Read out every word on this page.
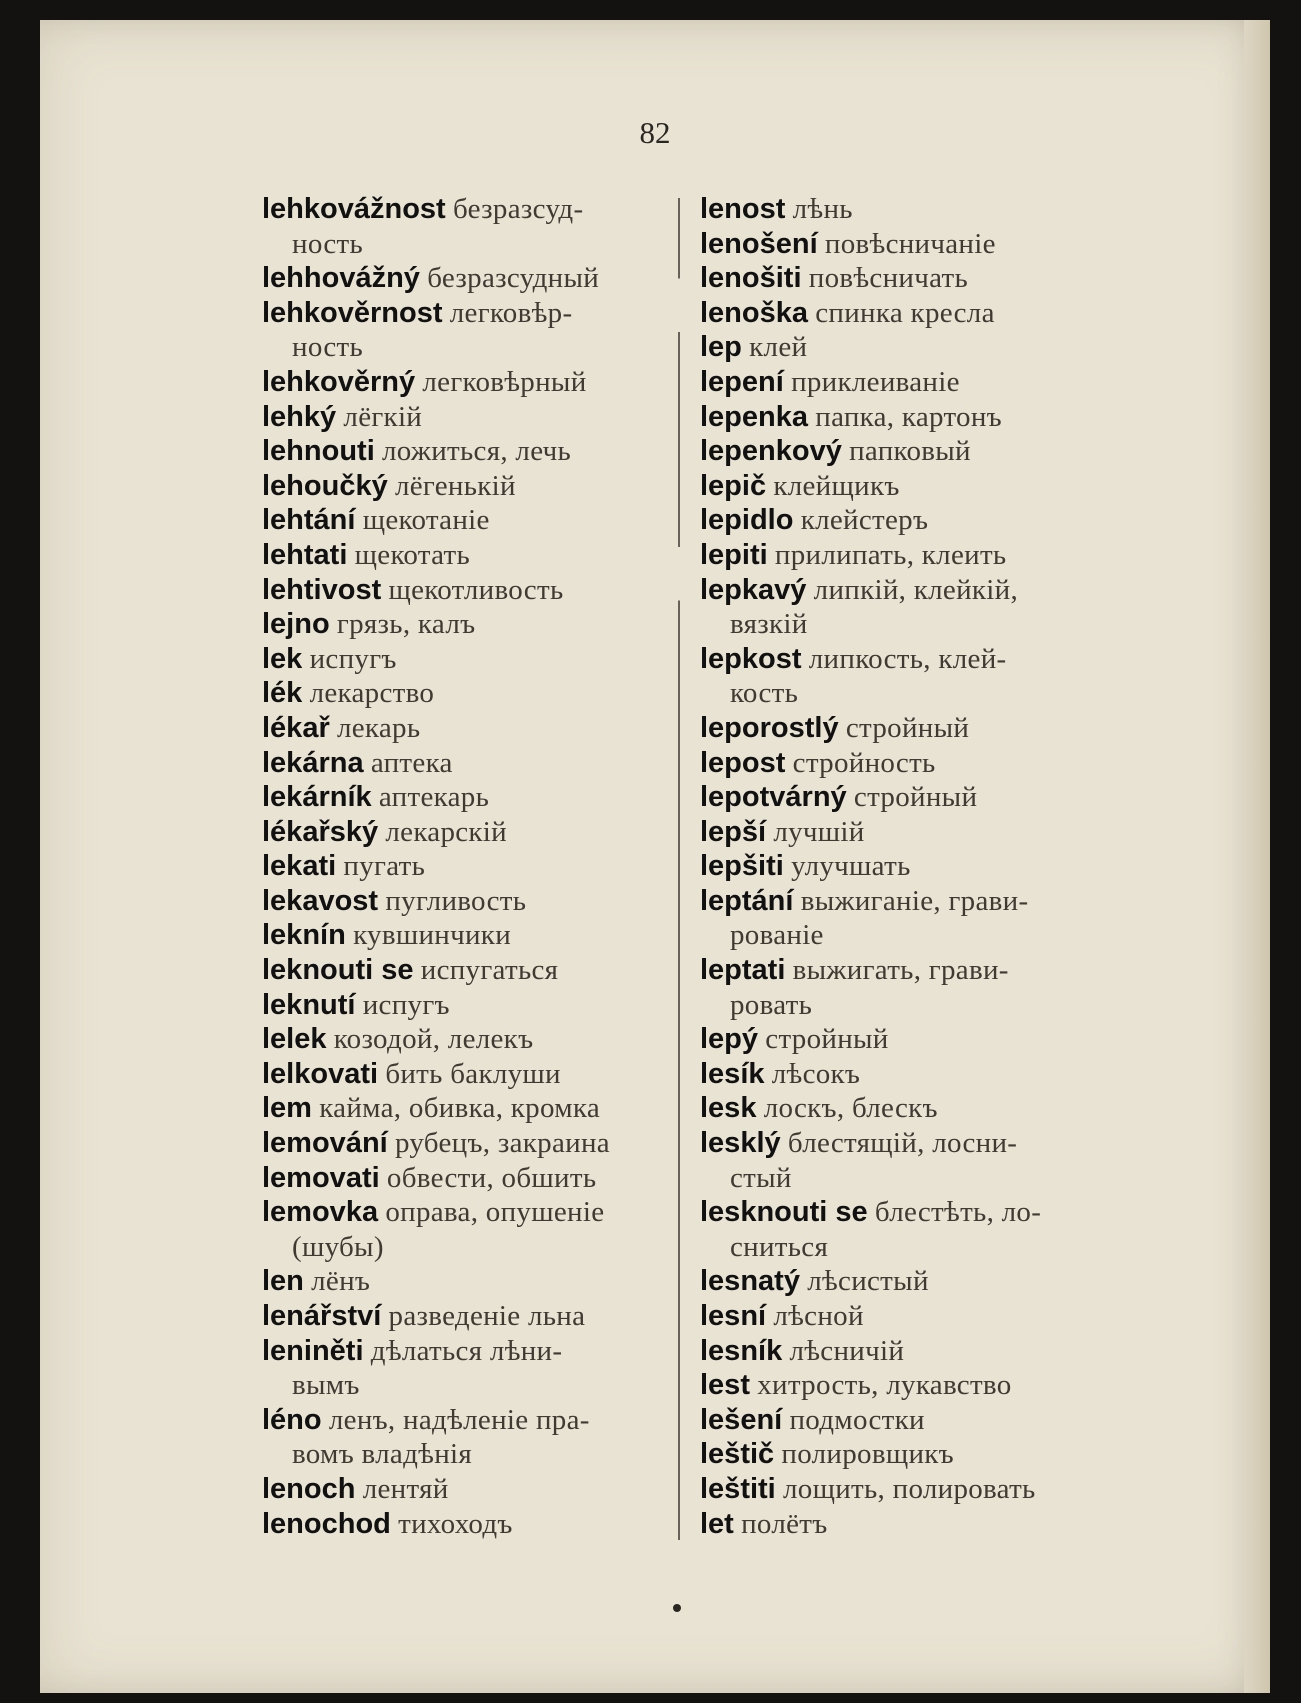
82
lehkovážnost безразсуд-
ность
lehhovážný безразсудный
lehkověrnost легковѣр-
ность
lehkověrný легковѣрный
lehký лёгкій
lehnouti ложиться, лечь
lehoučký лёгенькій
lehtání щекотаніе
lehtati щекотать
lehtivost щекотливость
lejno грязь, калъ
lek испугъ
lék лекарство
lékař лекарь
lekárna аптека
lekárník аптекарь
lékařský лекарскій
lekati пугать
lekavost пугливость
leknín кувшинчики
leknouti se испугаться
leknutí испугъ
lelek козодой, лелекъ
lelkovati бить баклуши
lem кайма, обивка, кромка
lemování рубецъ, закраина
lemovati обвести, обшить
lemovka оправа, опушеніе
(шубы)
len лёнъ
lenářství разведеніе льна
leniněti дѣлаться лѣни-
вымъ
léno ленъ, надѣленіе пра-
вомъ владѣнія
lenoch лентяй
lenochod тихоходъ
lenost лѣнь
lenošení повѣсничаніе
lenošiti повѣсничать
lenoška спинка кресла
lep клей
lepení приклеиваніе
lepenka папка, картонъ
lepenkový папковый
lepič клейщикъ
lepidlo клейстеръ
lepiti прилипать, клеить
lepkavý липкій, клейкій,
вязкій
lepkost липкость, клей-
кость
leporostlý стройный
lepost стройность
lepotvárný стройный
lepší лучшій
lepšiti улучшать
leptání выжиганіе, грави-
рованіе
leptati выжигать, грави-
ровать
lepý стройный
lesík лѣсокъ
lesk лоскъ, блескъ
lesklý блестящій, лосни-
стый
lesknouti se блестѣть, ло-
сниться
lesnatý лѣсистый
lesní лѣсной
lesník лѣсничій
lest хитрость, лукавство
lešení подмостки
leštič полировщикъ
leštiti лощить, полировать
let полётъ
